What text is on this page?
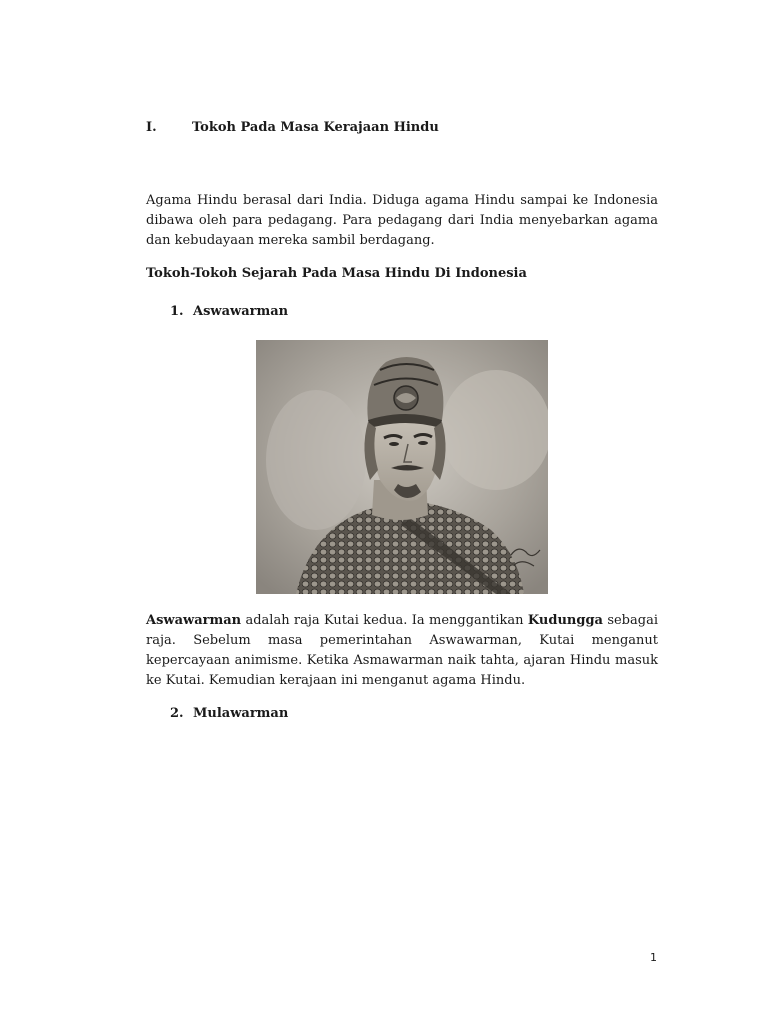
I.	Tokoh Pada Masa Kerajaan Hindu

Agama Hindu berasal dari India. Diduga agama Hindu sampai ke Indonesia dibawa oleh para pedagang. Para pedagang dari India menyebarkan agama dan kebudayaan mereka sambil berdagang.

Tokoh-Tokoh Sejarah Pada Masa Hindu Di Indonesia
1. Aswawarman

Aswawarman adalah raja Kutai kedua. Ia menggantikan Kudungga sebagai raja. Sebelum masa pemerintahan Aswawarman, Kutai menganut kepercayaan animisme. Ketika Asmawarman naik tahta, ajaran Hindu masuk ke Kutai. Kemudian kerajaan ini menganut agama Hindu.

2. Mulawarman
1
